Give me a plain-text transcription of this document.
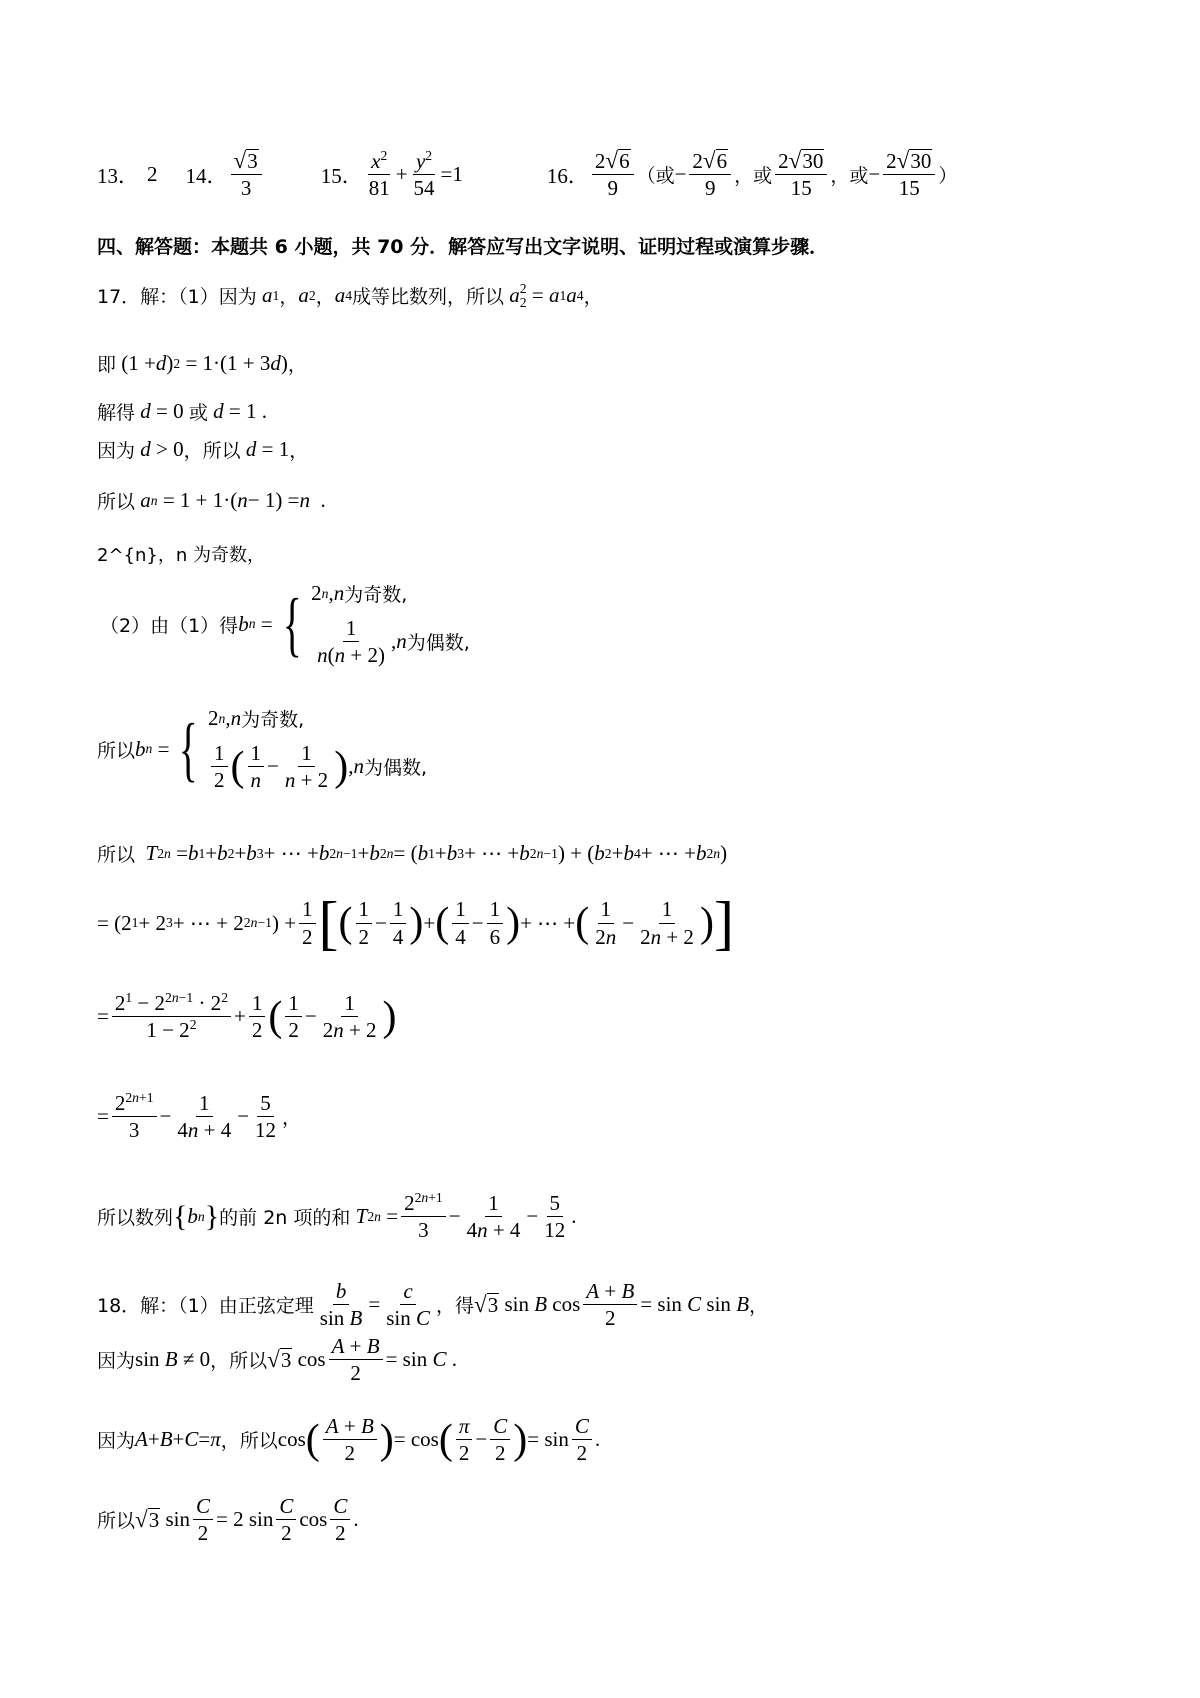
13． 2 14． $\frac{√ 3}{3}$	15． $\frac{x^2}{81} + \frac{y^2}{54} =1$	16． $\frac{2 √ 6}{9}$ （或 − $\frac{2 √ 6}{9}$ ，或 $\frac{2 √ 30}{15}$ ，或 − $\frac{2 √ 30}{15}$ ）
四、解答题：本题共 6 小题，共 70 分．解答应写出文字说明、证明过程或演算步骤．
17．解：（1）因为 a 1 ， a 2 ， a 4 成等比数列，所以 a 2
2 = a 1 a 4 ，
即 (1 + d ) 2 = 1·(1 + 3 d ) ，
解得
d = 0 或
d = 1 .
因为
d > 0 ，所以
d = 1 ，
所以
a n = 1 + 1·( n − 1) = n .
2^{n}，n 为奇数，
（2）由（1）得 b n = { 2 n , n 为奇数,
$\frac{1}{n(n + 2)}$ , n 为偶数,
所以 b n = { 2 n , n 为奇数,
$\frac{1}{2}$ ( $\frac{1}{n} - \frac{1}{n + 2}$ ) , n 为偶数,
所以
T 2n = b 1 + b 2 + b 3 + ⋯ + b 2n−1 + b 2n = ( b 1 + b 3 + ⋯ + b 2n−1 ) + ( b 2 + b 4 + ⋯ + b 2n )
= (2 1 + 2 3 + ⋯ + 2 2n−1 ) + $\frac{1}{2}$ [ ( $\frac{1}{2} - \frac{1}{4}$ ) + ( $\frac{1}{4} - \frac{1}{6}$ ) + ⋯ + ( $\frac{1}{2n} - \frac{1}{2n + 2}$ ) ]
= $\frac{2^1 - 2^{2n-1} \cdot 2^2}{1 - 2^2} + \frac{1}{2}$ ( $\frac{1}{2} - \frac{1}{2n + 2}$ )
= $\frac{2^{2n+1}}{3} - \frac{1}{4n + 4} - \frac{5}{12}$ ，
所以数列 { b n } 的前 2n 项的和 T $2n = \frac{2^{2n+1}}{3} - \frac{1}{4n + 4} - \frac{5}{12}$ .
18．解：（1）由正弦定理 $\frac{b}{\text{sin B}} = \frac{c}{\text{sin C}}$ ，得 √ 3 sin B $\cos \frac{A + B}{2} = \sin C$ sin B ，
因为 sin B ≠ 0 ，所以 √ 3 $\cos \frac{A + B}{2} = \sin C$ .
因为 A + B + C = π ，所以 cos ( $\frac{A + B}{2}$ ) = cos ( $\frac{\pi}{2} - \frac{C}{2}$ ) = $\sin \frac{C}{2}$ .
所以 √ 3 $\sin \frac{C}{2} = 2$ $\sin \frac{C}{2}$ $\cos \frac{C}{2}$ .
